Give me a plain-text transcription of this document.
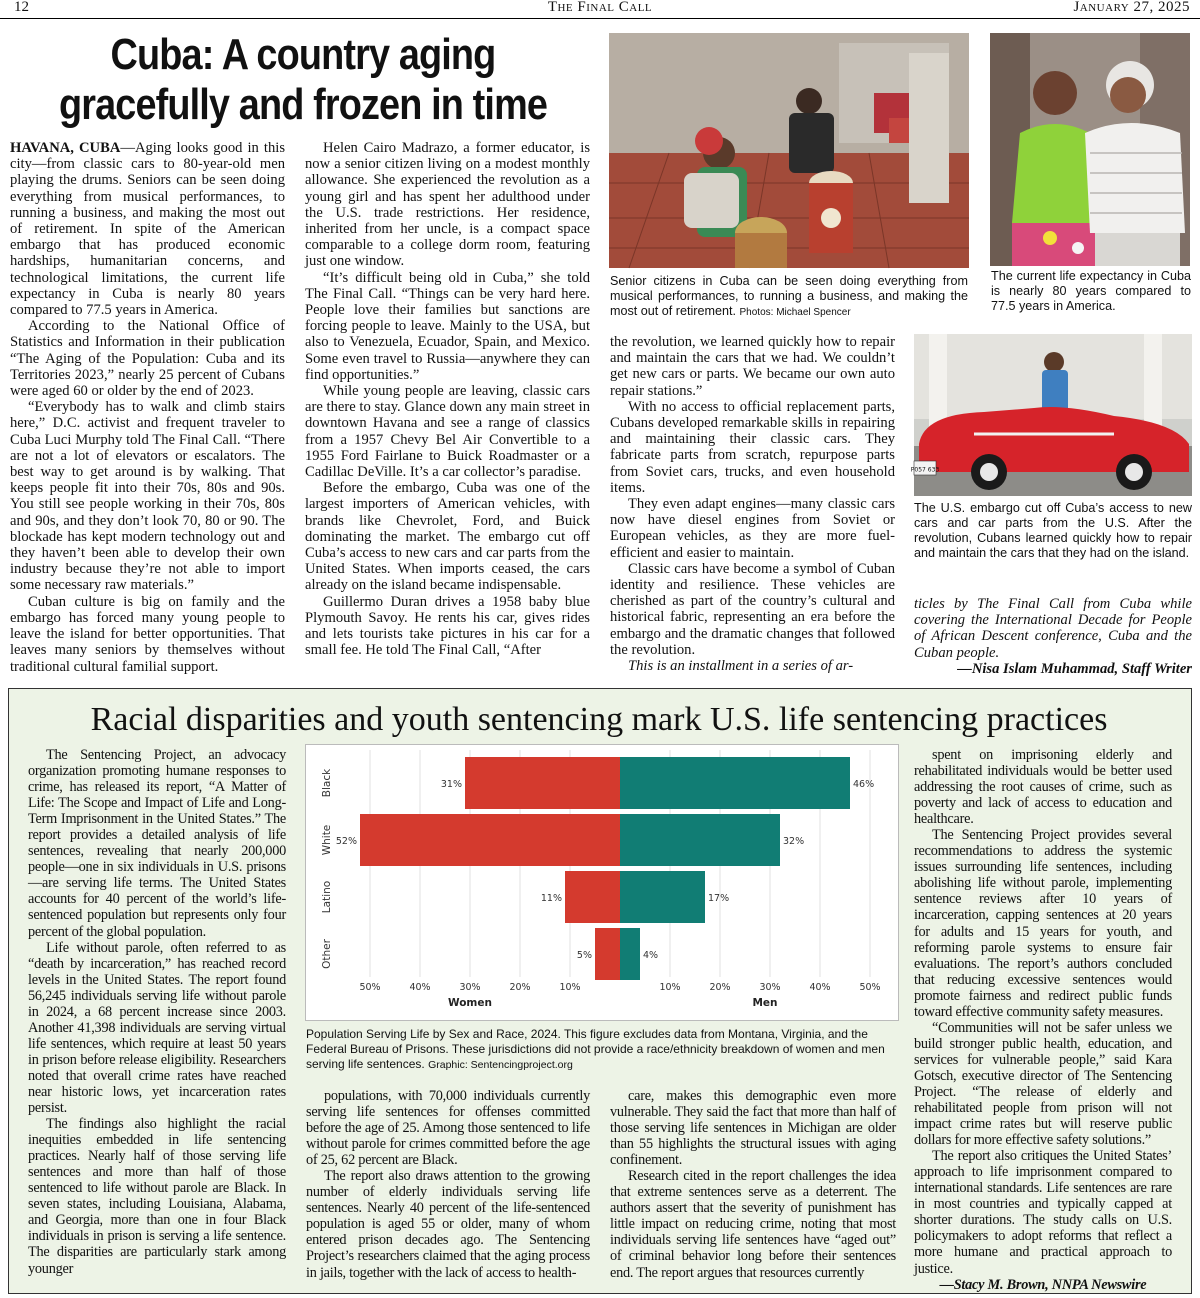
12	The Final Call	January 27, 2025
Cuba: A country aging
gracefully and frozen in time

HAVANA, CUBA—Aging looks good in this city—from classic cars to 80-year-old men playing the drums. Seniors can be seen doing everything from musical performances, to running a business, and making the most out of retirement. In spite of the American embargo that has produced economic hardships, humanitarian concerns, and technological limitations, the current life expectancy in Cuba is nearly 80 years compared to 77.5 years in America.

According to the National Office of Statistics and Information in their publication “The Aging of the Population: Cuba and its Territories 2023,” nearly 25 percent of Cubans were aged 60 or older by the end of 2023.

“Everybody has to walk and climb stairs here,” D.C. activist and frequent traveler to Cuba Luci Murphy told The Final Call. “There are not a lot of elevators or escalators. The best way to get around is by walking. That keeps people fit into their 70s, 80s and 90s. You still see people working in their 70s, 80s and 90s, and they don’t look 70, 80 or 90. The blockade has kept modern technology out and they haven’t been able to develop their own industry because they’re not able to import some necessary raw materials.”

Cuban culture is big on family and the embargo has forced many young people to leave the island for better opportunities. That leaves many seniors by themselves without traditional cultural familial support.

Helen Cairo Madrazo, a former educator, is now a senior citizen living on a modest monthly allowance. She experienced the revolution as a young girl and has spent her adulthood under the U.S. trade restrictions. Her residence, inherited from her uncle, is a compact space comparable to a college dorm room, featuring just one window.

“It’s difficult being old in Cuba,” she told The Final Call. “Things can be very hard here. People love their families but sanctions are forcing people to leave. Mainly to the USA, but also to Venezuela, Ecuador, Spain, and Mexico. Some even travel to Russia—anywhere they can find opportunities.”

While young people are leaving, classic cars are there to stay. Glance down any main street in downtown Havana and see a range of classics from a 1957 Chevy Bel Air Convertible to a 1955 Ford Fairlane to Buick Roadmaster or a Cadillac DeVille. It’s a car collector’s paradise.

Before the embargo, Cuba was one of the largest importers of American vehicles, with brands like Chevrolet, Ford, and Buick dominating the market. The embargo cut off Cuba’s access to new cars and car parts from the United States. When imports ceased, the cars already on the island became indispensable.

Guillermo Duran drives a 1958 baby blue Plymouth Savoy. He rents his car, gives rides and lets tourists take pictures in his car for a small fee. He told The Final Call, “After

Senior citizens in Cuba can be seen doing everything from musical performances, to running a business, and making the most out of retirement. Photos: Michael Spencer
The current life expectancy in Cuba is nearly 80 years compared to 77.5 years in America.

the revolution, we learned quickly how to repair and maintain the cars that we had. We couldn’t get new cars or parts. We became our own auto repair stations.”

With no access to official replacement parts, Cubans developed remarkable skills in repairing and maintaining their classic cars. They fabricate parts from scratch, repurpose parts from Soviet cars, trucks, and even household items.

They even adapt engines—many classic cars now have diesel engines from Soviet or European vehicles, as they are more fuel-efficient and easier to maintain.

Classic cars have become a symbol of Cuban identity and resilience. These vehicles are cherished as part of the country’s cultural and historical fabric, representing an era before the embargo and the dramatic changes that followed the revolution.

This is an installment in a series of ar-

P057 633
The U.S. embargo cut off Cuba’s access to new cars and car parts from the U.S. After the revolution, Cubans learned quickly how to repair and maintain the cars that they had on the island.

ticles by The Final Call from Cuba while covering the International Decade for People of African Descent conference, Cuba and the Cuban people.

—Nisa Islam Muhammad, Staff Writer
Racial disparities and youth sentencing mark U.S. life sentencing practices

The Sentencing Project, an advocacy organization promoting humane responses to crime, has released its report, “A Matter of Life: The Scope and Impact of Life and Long-Term Imprisonment in the United States.” The report provides a detailed analysis of life sentences, revealing that nearly 200,000 people—one in six individuals in U.S. prisons—are serving life terms. The United States accounts for 40 percent of the world’s life-sentenced population but represents only four percent of the global population.

Life without parole, often referred to as “death by incarceration,” has reached record levels in the United States. The report found 56,245 individuals serving life without parole in 2024, a 68 percent increase since 2003. Another 41,398 individuals are serving virtual life sentences, which require at least 50 years in prison before release eligibility. Researchers noted that overall crime rates have reached near historic lows, yet incarceration rates persist.

The findings also highlight the racial inequities embedded in life sentencing practices. Nearly half of those serving life sentences and more than half of those sentenced to life without parole are Black. In seven states, including Louisiana, Alabama, and Georgia, more than one in four Black individuals in prison is serving a life sentence. The disparities are particularly stark among younger

31%	46%
Black
52%	32%
White
11%	17%
Latino
5%	4%
Other
50%	40%	30%	20%	10%	10%	20%	30%	40%	50%
Women	Men
Population Serving Life by Sex and Race, 2024. This figure excludes data from Montana, Virginia, and the Federal Bureau of Prisons. These jurisdictions did not provide a race/ethnicity breakdown of women and men serving life sentences. Graphic: Sentencingproject.org

populations, with 70,000 individuals currently serving life sentences for offenses committed before the age of 25. Among those sentenced to life without parole for crimes committed before the age of 25, 62 percent are Black.

The report also draws attention to the growing number of elderly individuals serving life sentences. Nearly 40 percent of the life-sentenced population is aged 55 or older, many of whom entered prison decades ago. The Sentencing Project’s researchers claimed that the aging process in jails, together with the lack of access to health-

care, makes this demographic even more vulnerable. They said the fact that more than half of those serving life sentences in Michigan are older than 55 highlights the structural issues with aging confinement.

Research cited in the report challenges the idea that extreme sentences serve as a deterrent. The authors assert that the severity of punishment has little impact on reducing crime, noting that most individuals serving life sentences have “aged out” of criminal behavior long before their sentences end. The report argues that resources currently

spent on imprisoning elderly and rehabilitated individuals would be better used addressing the root causes of crime, such as poverty and lack of access to education and healthcare.

The Sentencing Project provides several recommendations to address the systemic issues surrounding life sentences, including abolishing life without parole, implementing sentence reviews after 10 years of incarceration, capping sentences at 20 years for adults and 15 years for youth, and reforming parole systems to ensure fair evaluations. The report’s authors concluded that reducing excessive sentences would promote fairness and redirect public funds toward effective community safety measures.

“Communities will not be safer unless we build stronger public health, education, and services for vulnerable people,” said Kara Gotsch, executive director of The Sentencing Project. “The release of elderly and rehabilitated people from prison will not impact crime rates but will reserve public dollars for more effective safety solutions.”

The report also critiques the United States’ approach to life imprisonment compared to international standards. Life sentences are rare in most countries and typically capped at shorter durations. The study calls on U.S. policymakers to adopt reforms that reflect a more humane and practical approach to justice.

—Stacy M. Brown, NNPA Newswire
